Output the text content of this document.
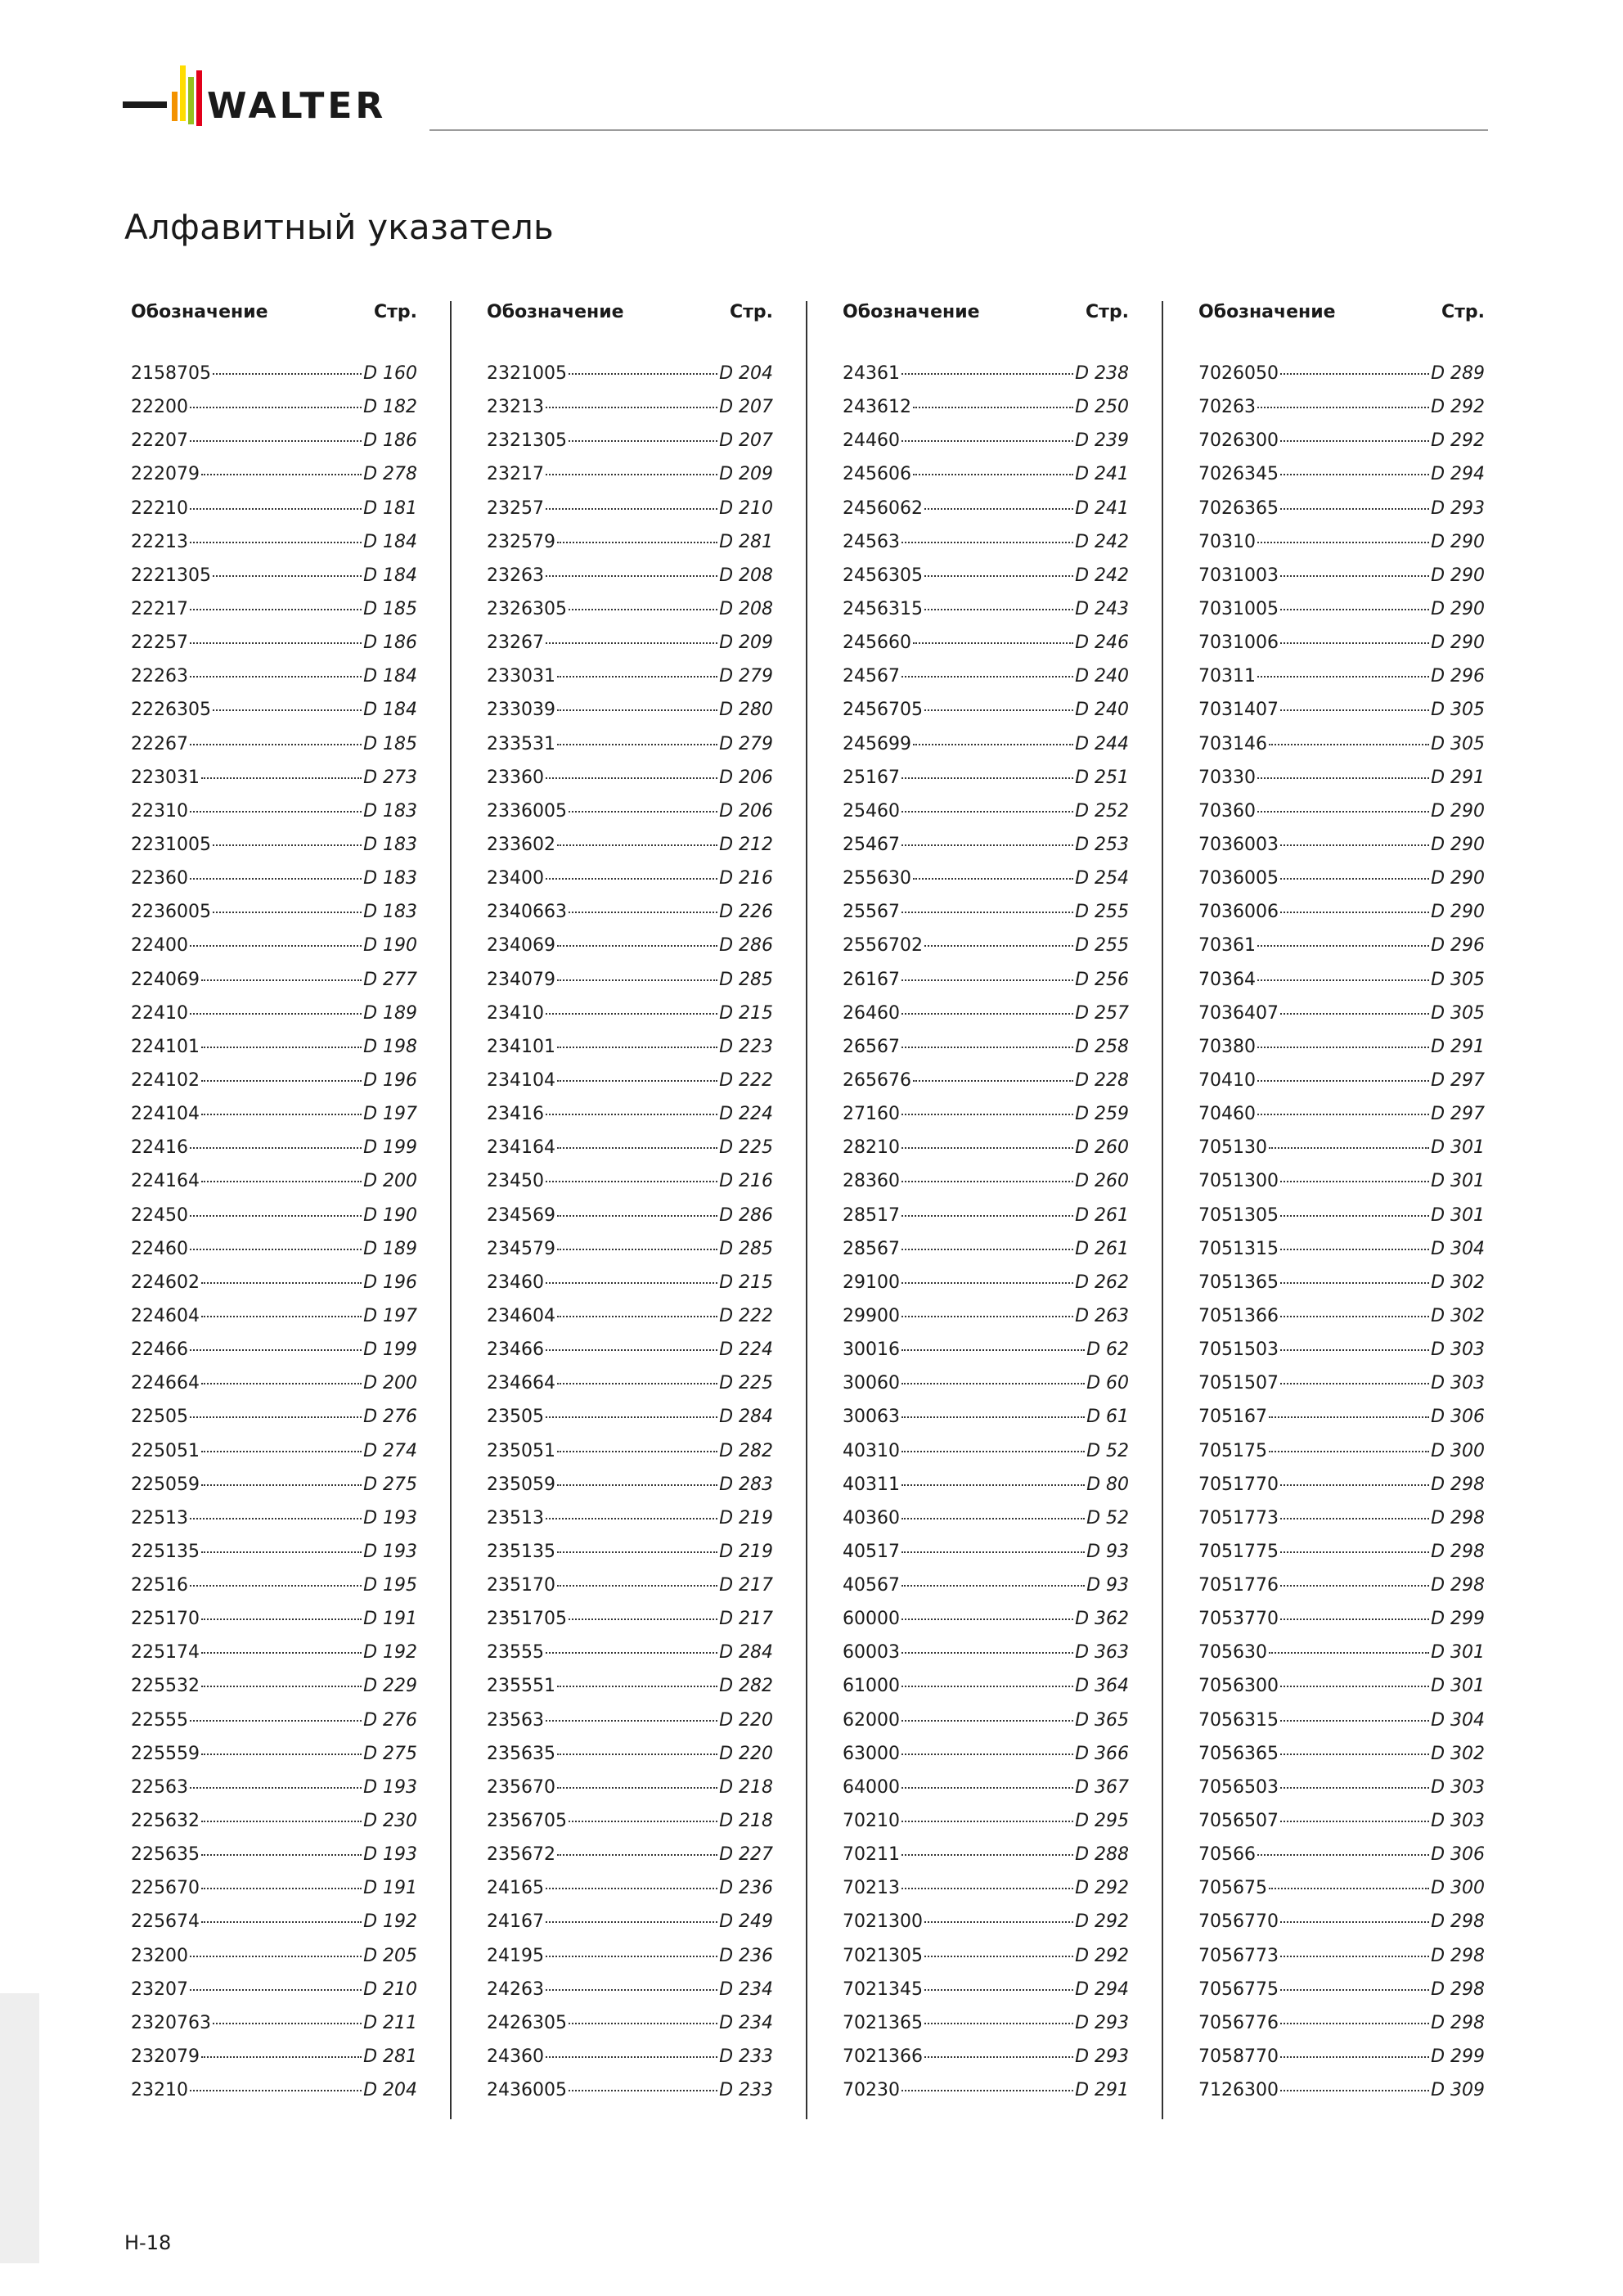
WALTER
Алфавитный указатель
Обозначение	Стр.
2158705	D 160
22200	D 182
22207	D 186
222079	D 278
22210	D 181
22213	D 184
2221305	D 184
22217	D 185
22257	D 186
22263	D 184
2226305	D 184
22267	D 185
223031	D 273
22310	D 183
2231005	D 183
22360	D 183
2236005	D 183
22400	D 190
224069	D 277
22410	D 189
224101	D 198
224102	D 196
224104	D 197
22416	D 199
224164	D 200
22450	D 190
22460	D 189
224602	D 196
224604	D 197
22466	D 199
224664	D 200
22505	D 276
225051	D 274
225059	D 275
22513	D 193
225135	D 193
22516	D 195
225170	D 191
225174	D 192
225532	D 229
22555	D 276
225559	D 275
22563	D 193
225632	D 230
225635	D 193
225670	D 191
225674	D 192
23200	D 205
23207	D 210
2320763	D 211
232079	D 281
23210	D 204
Обозначение	Стр.
2321005	D 204
23213	D 207
2321305	D 207
23217	D 209
23257	D 210
232579	D 281
23263	D 208
2326305	D 208
23267	D 209
233031	D 279
233039	D 280
233531	D 279
23360	D 206
2336005	D 206
233602	D 212
23400	D 216
2340663	D 226
234069	D 286
234079	D 285
23410	D 215
234101	D 223
234104	D 222
23416	D 224
234164	D 225
23450	D 216
234569	D 286
234579	D 285
23460	D 215
234604	D 222
23466	D 224
234664	D 225
23505	D 284
235051	D 282
235059	D 283
23513	D 219
235135	D 219
235170	D 217
2351705	D 217
23555	D 284
235551	D 282
23563	D 220
235635	D 220
235670	D 218
2356705	D 218
235672	D 227
24165	D 236
24167	D 249
24195	D 236
24263	D 234
2426305	D 234
24360	D 233
2436005	D 233
Обозначение	Стр.
24361	D 238
243612	D 250
24460	D 239
245606	D 241
2456062	D 241
24563	D 242
2456305	D 242
2456315	D 243
245660	D 246
24567	D 240
2456705	D 240
245699	D 244
25167	D 251
25460	D 252
25467	D 253
255630	D 254
25567	D 255
2556702	D 255
26167	D 256
26460	D 257
26567	D 258
265676	D 228
27160	D 259
28210	D 260
28360	D 260
28517	D 261
28567	D 261
29100	D 262
29900	D 263
30016	D 62
30060	D 60
30063	D 61
40310	D 52
40311	D 80
40360	D 52
40517	D 93
40567	D 93
60000	D 362
60003	D 363
61000	D 364
62000	D 365
63000	D 366
64000	D 367
70210	D 295
70211	D 288
70213	D 292
7021300	D 292
7021305	D 292
7021345	D 294
7021365	D 293
7021366	D 293
70230	D 291
Обозначение	Стр.
7026050	D 289
70263	D 292
7026300	D 292
7026345	D 294
7026365	D 293
70310	D 290
7031003	D 290
7031005	D 290
7031006	D 290
70311	D 296
7031407	D 305
703146	D 305
70330	D 291
70360	D 290
7036003	D 290
7036005	D 290
7036006	D 290
70361	D 296
70364	D 305
7036407	D 305
70380	D 291
70410	D 297
70460	D 297
705130	D 301
7051300	D 301
7051305	D 301
7051315	D 304
7051365	D 302
7051366	D 302
7051503	D 303
7051507	D 303
705167	D 306
705175	D 300
7051770	D 298
7051773	D 298
7051775	D 298
7051776	D 298
7053770	D 299
705630	D 301
7056300	D 301
7056315	D 304
7056365	D 302
7056503	D 303
7056507	D 303
70566	D 306
705675	D 300
7056770	D 298
7056773	D 298
7056775	D 298
7056776	D 298
7058770	D 299
7126300	D 309
H-18
